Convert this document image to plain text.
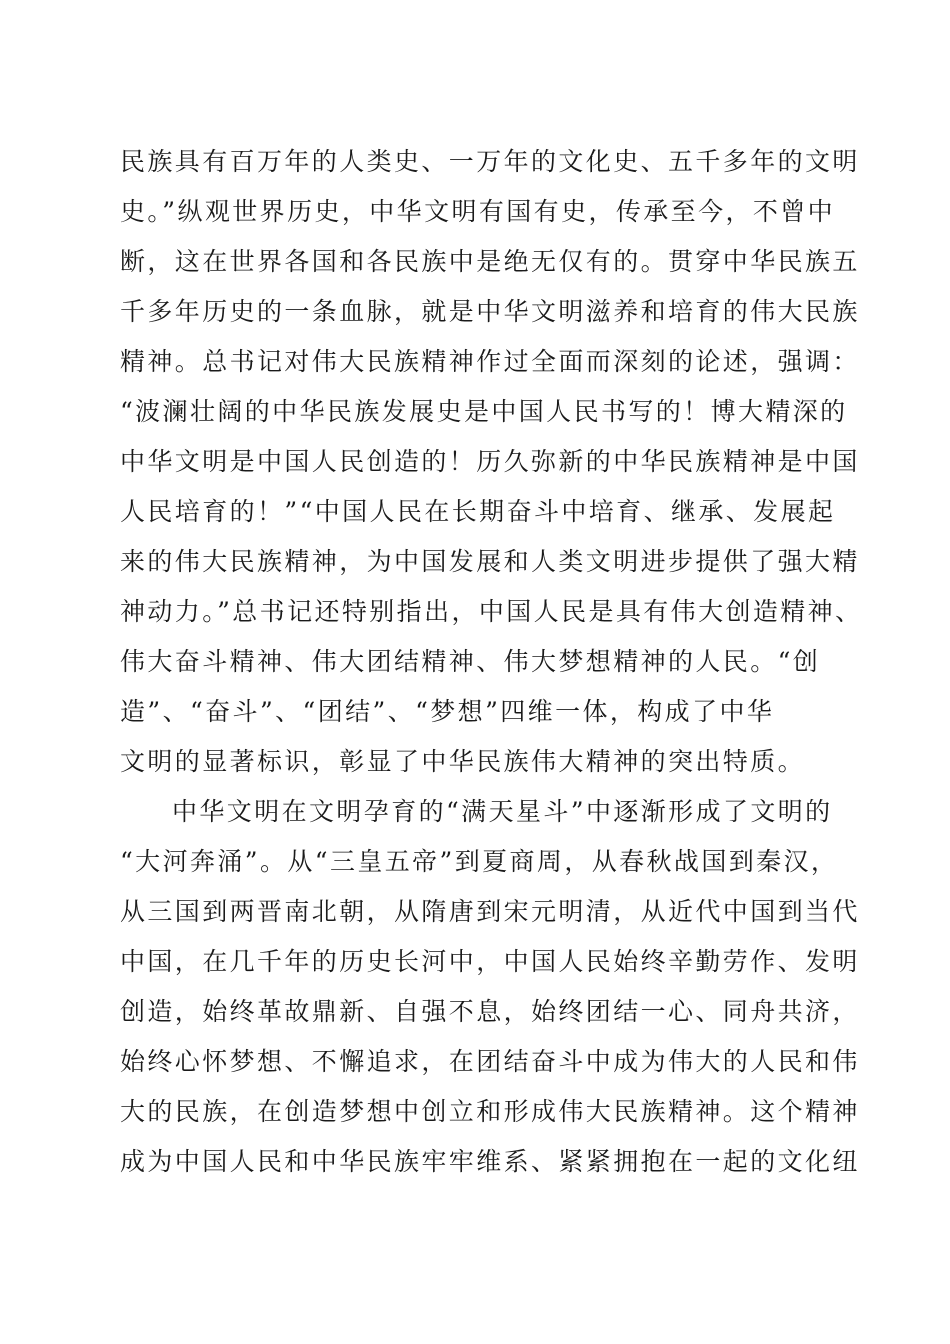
民族具有百万年的人类史、一万年的文化史、五千多年的文明
史。”纵观世界历史，中华文明有国有史，传承至今，不曾中
断，这在世界各国和各民族中是绝无仅有的。贯穿中华民族五
千多年历史的一条血脉，就是中华文明滋养和培育的伟大民族
精神。总书记对伟大民族精神作过全面而深刻的论述，强调：
“波澜壮阔的中华民族发展史是中国人民书写的！博大精深的
中华文明是中国人民创造的！历久弥新的中华民族精神是中国
人民培育的！”“中国人民在长期奋斗中培育、继承、发展起
来的伟大民族精神，为中国发展和人类文明进步提供了强大精
神动力。”总书记还特别指出，中国人民是具有伟大创造精神、
伟大奋斗精神、伟大团结精神、伟大梦想精神的人民。“创
造”、“奋斗”、“团结”、“梦想”四维一体，构成了中华
文明的显著标识，彰显了中华民族伟大精神的突出特质。
中华文明在文明孕育的“满天星斗”中逐渐形成了文明的
“大河奔涌”。从“三皇五帝”到夏商周，从春秋战国到秦汉，
从三国到两晋南北朝，从隋唐到宋元明清，从近代中国到当代
中国，在几千年的历史长河中，中国人民始终辛勤劳作、发明
创造，始终革故鼎新、自强不息，始终团结一心、同舟共济，
始终心怀梦想、不懈追求，在团结奋斗中成为伟大的人民和伟
大的民族，在创造梦想中创立和形成伟大民族精神。这个精神
成为中国人民和中华民族牢牢维系、紧紧拥抱在一起的文化纽
